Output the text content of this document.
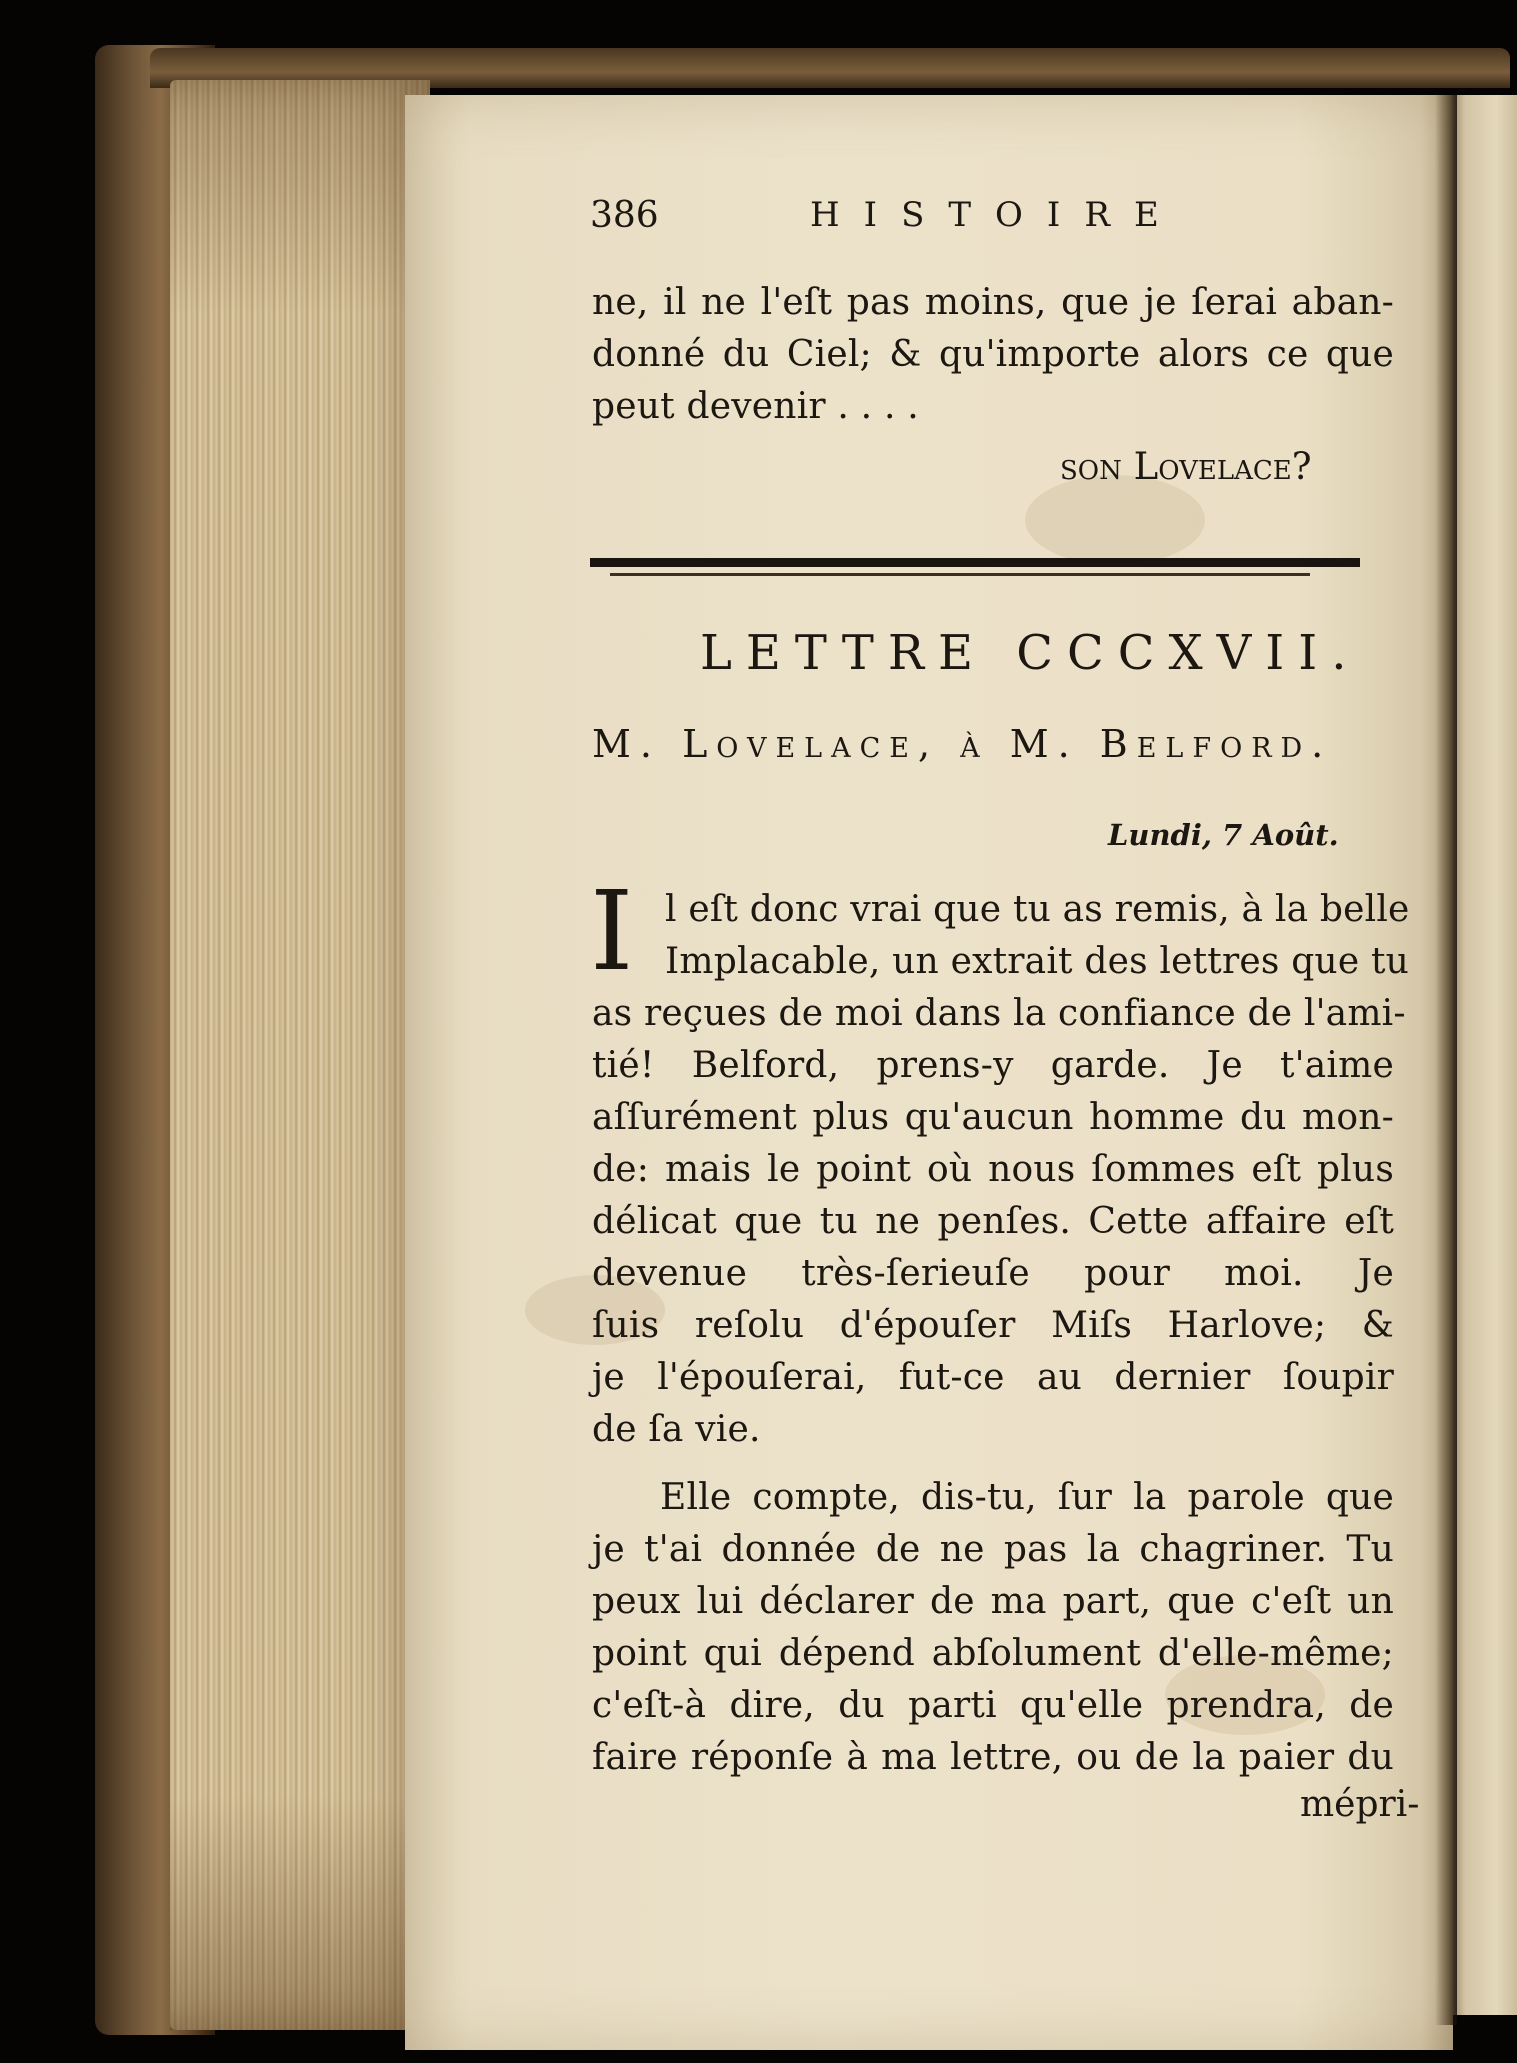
386	HISTOIRE

ne, il ne l'eſt pas moins, que je ſerai aban-

donné du Ciel; & qu'importe alors ce que

peut devenir . . . .

ſon Lovelace?

LETTRE CCCXVII.

M. Lovelace, à M. Belford.

Lundi, 7 Août.

I l eſt donc vrai que tu as remis, à la belle

Implacable, un extrait des lettres que tu

as reçues de moi dans la confiance de l'ami-

tié! Belford, prens-y garde. Je t'aime

aſſurément plus qu'aucun homme du mon-

de: mais le point où nous ſommes eſt plus

délicat que tu ne penſes. Cette affaire eſt

devenue très-ſerieuſe pour moi. Je

ſuis reſolu d'épouſer Miſs Harlove; &

je l'épouſerai, fut-ce au dernier ſoupir

de ſa vie.

Elle compte, dis-tu, ſur la parole que

je t'ai donnée de ne pas la chagriner. Tu

peux lui déclarer de ma part, que c'eſt un

point qui dépend abſolument d'elle-même;

c'eſt-à dire, du parti qu'elle prendra, de

faire réponſe à ma lettre, ou de la paier du

mépri-
